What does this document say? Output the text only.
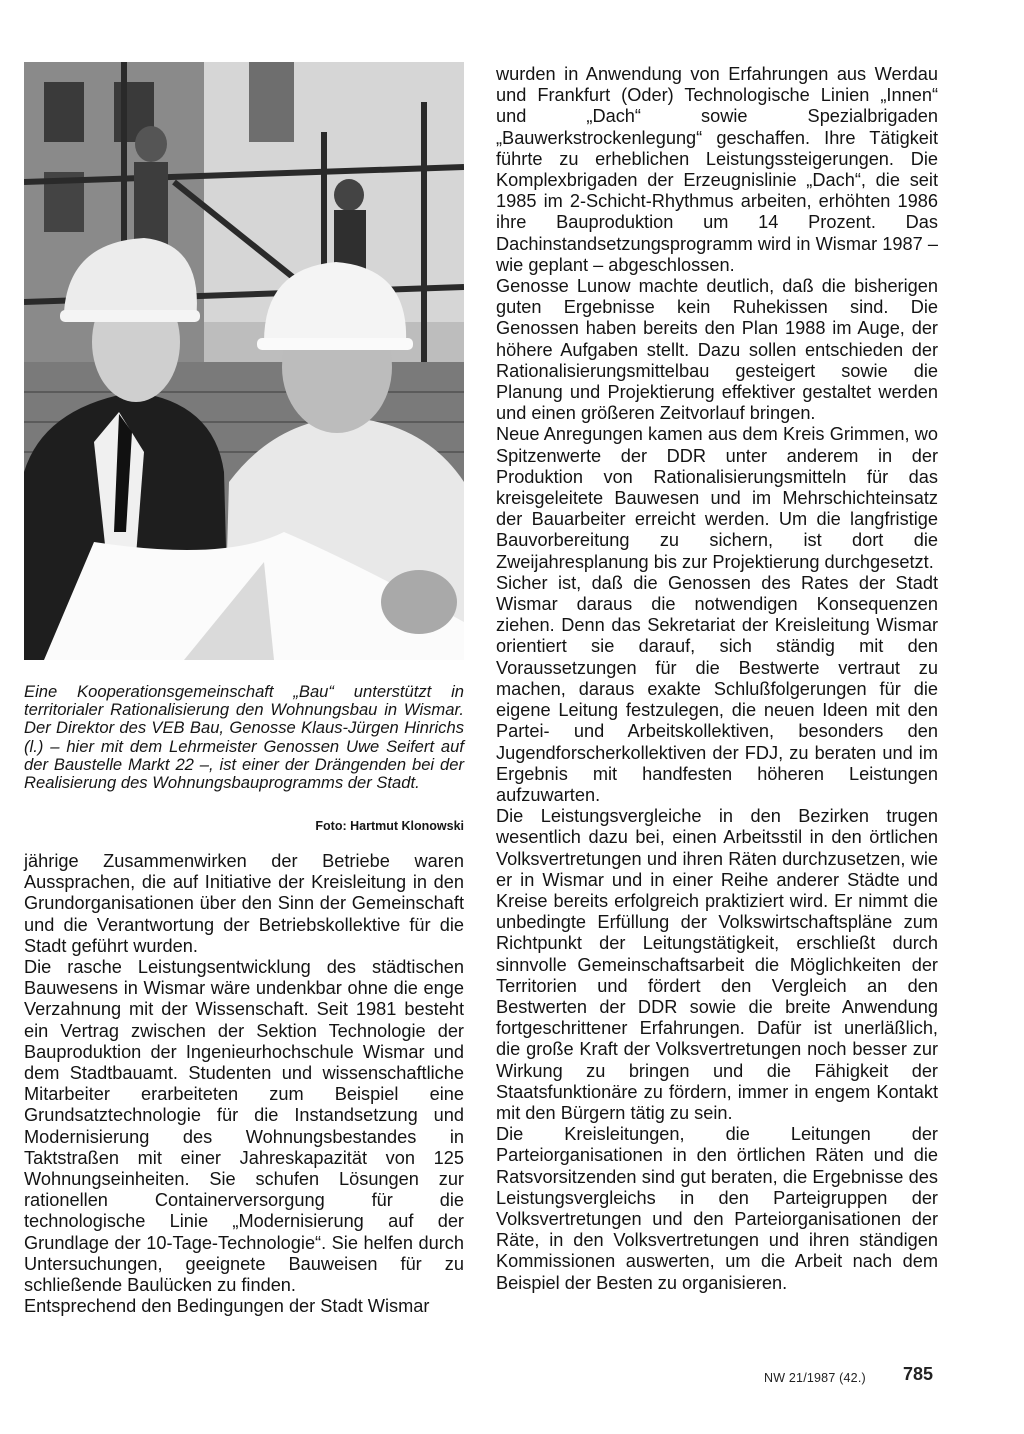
Eine Kooperationsgemeinschaft „Bau“ unterstützt in territorialer Rationalisierung den Wohnungsbau in Wismar. Der Direktor des VEB Bau, Genosse Klaus-Jürgen Hinrichs (l.) – hier mit dem Lehrmeister Genossen Uwe Seifert auf der Baustelle Markt 22 –, ist einer der Drängenden bei der Realisierung des Wohnungsbauprogramms der Stadt.
Foto: Hartmut Klonowski

jährige Zusammenwirken der Betriebe waren Aussprachen, die auf Initiative der Kreisleitung in den Grundorganisationen über den Sinn der Gemeinschaft und die Verantwortung der Betriebskollektive für die Stadt geführt wurden.

Die rasche Leistungsentwicklung des städtischen Bauwesens in Wismar wäre undenkbar ohne die enge Verzahnung mit der Wissenschaft. Seit 1981 besteht ein Vertrag zwischen der Sektion Technologie der Bauproduktion der Ingenieurhochschule Wismar und dem Stadtbauamt. Studenten und wissenschaftliche Mitarbeiter erarbeiteten zum Beispiel eine Grundsatztechnologie für die Instandsetzung und Modernisierung des Wohnungsbestandes in Taktstraßen mit einer Jahreskapazität von 125 Wohnungseinheiten. Sie schufen Lösungen zur rationellen Containerversorgung für die technologische Linie „Modernisierung auf der Grundlage der 10-Tage-Technologie“. Sie helfen durch Untersuchungen, geeignete Bauweisen für zu schließende Baulücken zu finden.

Entsprechend den Bedingungen der Stadt Wismar

wurden in Anwendung von Erfahrungen aus Werdau und Frankfurt (Oder) Technologische Linien „Innen“ und „Dach“ sowie Spezialbrigaden „Bauwerkstrockenlegung“ geschaffen. Ihre Tätigkeit führte zu erheblichen Leistungssteigerungen. Die Komplexbrigaden der Erzeugnislinie „Dach“, die seit 1985 im 2-Schicht-Rhythmus arbeiten, erhöhten 1986 ihre Bauproduktion um 14 Prozent. Das Dachinstandsetzungsprogramm wird in Wismar 1987 – wie geplant – abgeschlossen.

Genosse Lunow machte deutlich, daß die bisherigen guten Ergebnisse kein Ruhekissen sind. Die Genossen haben bereits den Plan 1988 im Auge, der höhere Aufgaben stellt. Dazu sollen entschieden der Rationalisierungsmittelbau gesteigert sowie die Planung und Projektierung effektiver gestaltet werden und einen größeren Zeitvorlauf bringen.

Neue Anregungen kamen aus dem Kreis Grimmen, wo Spitzenwerte der DDR unter anderem in der Produktion von Rationalisierungsmitteln für das kreisgeleitete Bauwesen und im Mehrschichteinsatz der Bauarbeiter erreicht werden. Um die langfristige Bauvorbereitung zu sichern, ist dort die Zweijahresplanung bis zur Projektierung durchgesetzt.

Sicher ist, daß die Genossen des Rates der Stadt Wismar daraus die notwendigen Konsequenzen ziehen. Denn das Sekretariat der Kreisleitung Wismar orientiert sie darauf, sich ständig mit den Voraussetzungen für die Bestwerte vertraut zu machen, daraus exakte Schlußfolgerungen für die eigene Leitung festzulegen, die neuen Ideen mit den Partei- und Arbeitskollektiven, besonders den Jugendforscherkollektiven der FDJ, zu beraten und im Ergebnis mit handfesten höheren Leistungen aufzuwarten.

Die Leistungsvergleiche in den Bezirken trugen wesentlich dazu bei, einen Arbeitsstil in den örtlichen Volksvertretungen und ihren Räten durchzusetzen, wie er in Wismar und in einer Reihe anderer Städte und Kreise bereits erfolgreich praktiziert wird. Er nimmt die unbedingte Erfüllung der Volkswirtschaftspläne zum Richtpunkt der Leitungstätigkeit, erschließt durch sinnvolle Gemeinschaftsarbeit die Möglichkeiten der Territorien und fördert den Vergleich an den Bestwerten der DDR sowie die breite Anwendung fortgeschrittener Erfahrungen. Dafür ist unerläßlich, die große Kraft der Volksvertretungen noch besser zur Wirkung zu bringen und die Fähigkeit der Staatsfunktionäre zu fördern, immer in engem Kontakt mit den Bürgern tätig zu sein.

Die Kreisleitungen, die Leitungen der Parteiorganisationen in den örtlichen Räten und die Ratsvorsitzenden sind gut beraten, die Ergebnisse des Leistungsvergleichs in den Parteigruppen der Volksvertretungen und den Parteiorganisationen der Räte, in den Volksvertretungen und ihren ständigen Kommissionen auswerten, um die Arbeit nach dem Beispiel der Besten zu organisieren.

NW 21/1987 (42.) 785
